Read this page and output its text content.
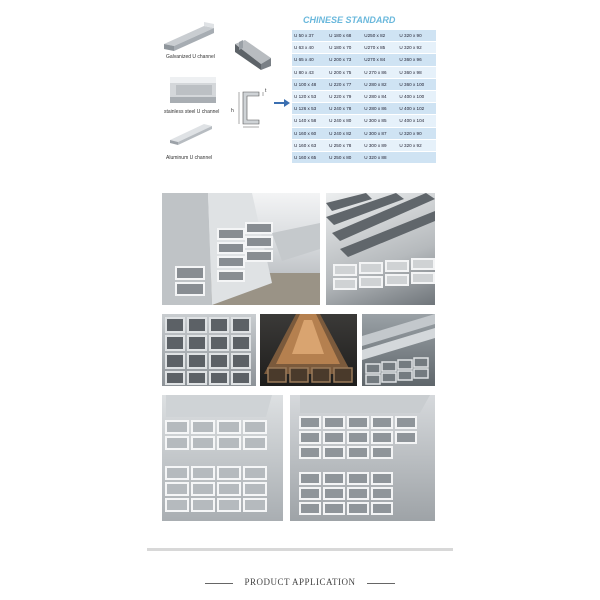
Galvanized U channel
stainless steel U channel
Aluminum U channel
t
h
CHINESE STANDARD
U 50 x 37	U 180 x 68	U250 x 82	U 320 x 90
U 63 x 40	U 180 x 70	U270 x 85	U 320 x 92
U 65 x 40	U 200 x 73	U270 x 84	U 360 x 96
U 80 x 43	U 200 x 75	U 270 x 86	U 360 x 98
U 100 x 48	U 220 x 77	U 280 x 82	U 360 x 100
U 120 x 53	U 220 x 79	U 280 x 84	U 400 x 100
U 126 x 53	U 240 x 78	U 280 x 86	U 400 x 102
U 140 x 58	U 240 x 80	U 300 x 85	U 400 x 104
U 160 x 60	U 240 x 82	U 300 x 87	U 320 x 90
U 160 x 63	U 250 x 78	U 300 x 89	U 320 x 92
U 160 x 65	U 250 x 80	U 320 x 88	
PRODUCT APPLICATION
